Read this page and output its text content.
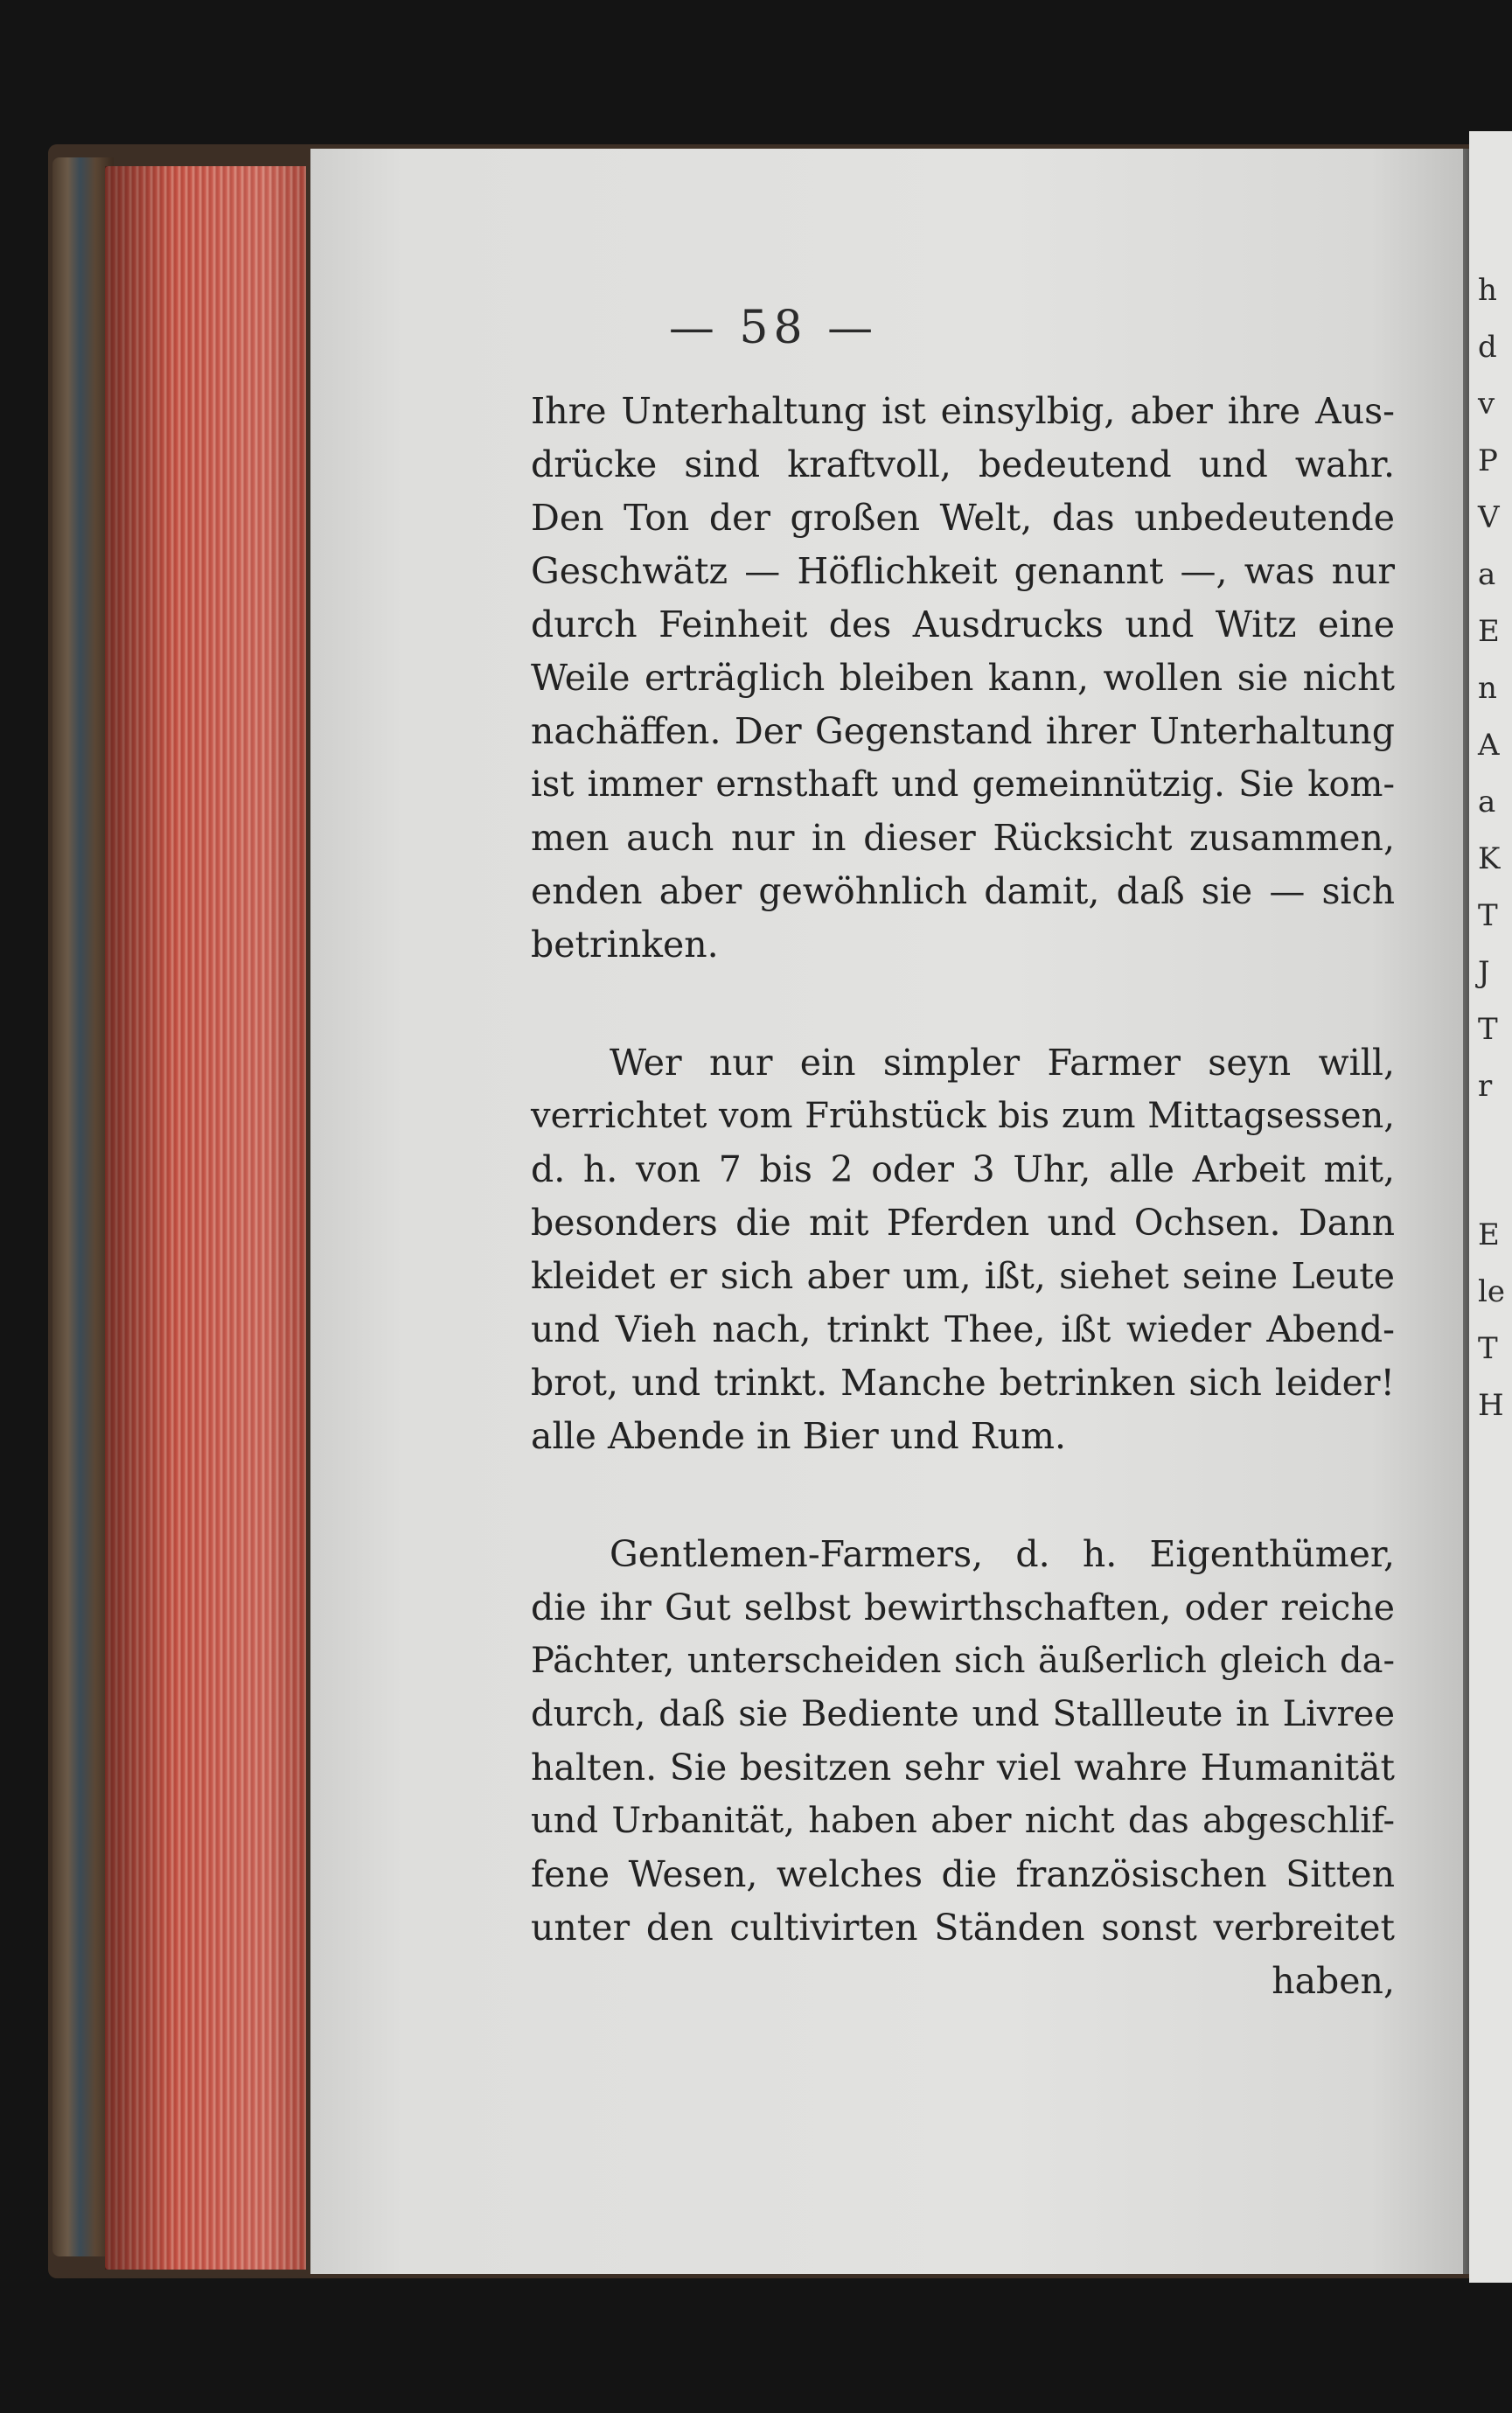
h
d
v
P
V
a
E
n
A
a
K
T
J
T
r
E
le
T
H
— 58 —
Ihre Unterhaltung ist einsylbig, aber ihre Aus-
drücke sind kraftvoll, bedeutend und wahr.
Den Ton der großen Welt, das unbedeutende
Geschwätz — Höflichkeit genannt —, was nur
durch Feinheit des Ausdrucks und Witz eine
Weile erträglich bleiben kann, wollen sie nicht
nachäffen. Der Gegenstand ihrer Unterhaltung
ist immer ernsthaft und gemeinnützig. Sie kom-
men auch nur in dieser Rücksicht zusammen,
enden aber gewöhnlich damit, daß sie — sich
betrinken.
Wer nur ein simpler Farmer seyn will,
verrichtet vom Frühstück bis zum Mittagsessen,
d. h. von 7 bis 2 oder 3 Uhr, alle Arbeit mit,
besonders die mit Pferden und Ochsen. Dann
kleidet er sich aber um, ißt, siehet seine Leute
und Vieh nach, trinkt Thee, ißt wieder Abend-
brot, und trinkt. Manche betrinken sich leider!
alle Abende in Bier und Rum.
Gentlemen-Farmers, d. h. Eigenthümer,
die ihr Gut selbst bewirthschaften, oder reiche
Pächter, unterscheiden sich äußerlich gleich da-
durch, daß sie Bediente und Stallleute in Livree
halten. Sie besitzen sehr viel wahre Humanität
und Urbanität, haben aber nicht das abgeschlif-
fene Wesen, welches die französischen Sitten
unter den cultivirten Ständen sonst verbreitet
haben,
